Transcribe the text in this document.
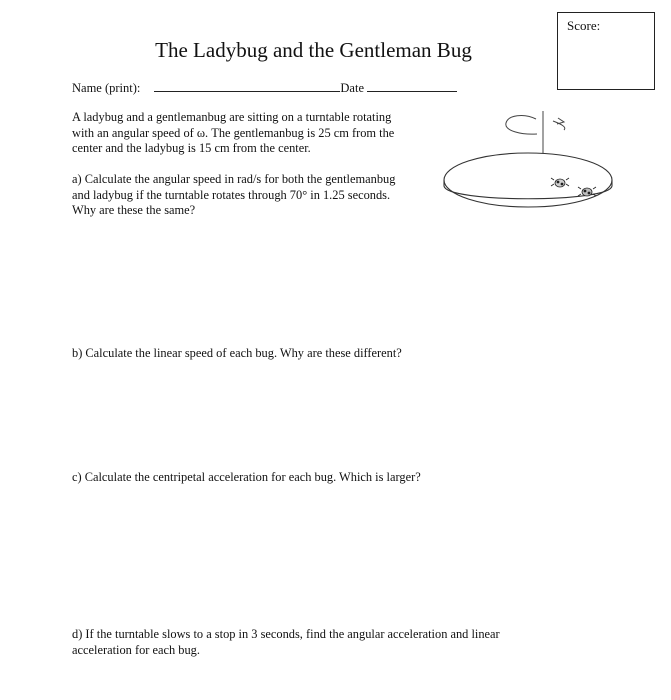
Score:
The Ladybug and the Gentleman Bug
Name (print):	Date
A ladybug and a gentlemanbug are sitting on a turntable rotating
with an angular speed of ω. The gentlemanbug is 25 cm from the
center and the ladybug is 15 cm from the center.
a) Calculate the angular speed in rad/s for both the gentlemanbug
and ladybug if the turntable rotates through 70° in 1.25 seconds.
Why are these the same?
b) Calculate the linear speed of each bug. Why are these different?
c) Calculate the centripetal acceleration for each bug. Which is larger?
d) If the turntable slows to a stop in 3 seconds, find the angular acceleration and linear
acceleration for each bug.
